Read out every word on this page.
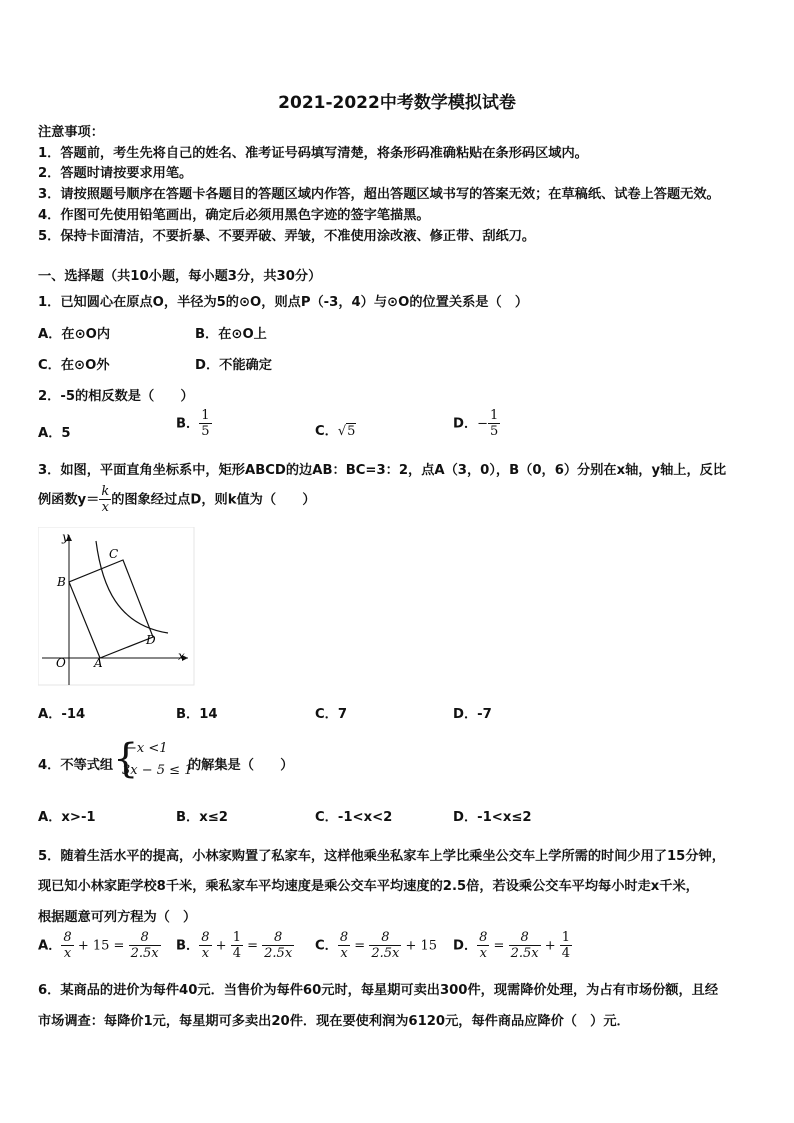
2021-2022中考数学模拟试卷
注意事项：
1．答题前，考生先将自己的姓名、准考证号码填写清楚，将条形码准确粘贴在条形码区域内。
2．答题时请按要求用笔。
3．请按照题号顺序在答题卡各题目的答题区域内作答，超出答题区域书写的答案无效；在草稿纸、试卷上答题无效。
4．作图可先使用铅笔画出，确定后必须用黑色字迹的签字笔描黑。
5．保持卡面清洁，不要折暴、不要弄破、弄皱，不准使用涂改液、修正带、刮纸刀。
一、选择题（共10小题，每小题3分，共30分）
1．已知圆心在原点O，半径为5的⊙O，则点P（-3，4）与⊙O的位置关系是（　）
A．在⊙O内	B．在⊙O上
C．在⊙O外	D．不能确定
2．-5的相反数是（　　）
A．5
B． $\frac{1}{5}$	C．√5	D．− $\frac{1}{5}$
3．如图，平面直角坐标系中，矩形ABCD的边AB：BC=3：2，点A（3，0），B（0，6）分别在x轴，y轴上，反比
例函数$y= \frac{k}{x}$ 的图象经过点D，则k值为（　　）
y
x
O A
B
C
D
A．-14	B．14	C．7	D．-7
4．不等式组 {
−x <1
3x − 5 ≤ 1
的解集是（　　）
A．x>-1	B．x≤2	C．-1<x<2	D．-1<x≤2
5．随着生活水平的提高，小林家购置了私家车，这样他乘坐私家车上学比乘坐公交车上学所需的时间少用了15分钟，
现已知小林家距学校8千米，乘私家车平均速度是乘公交车平均速度的2.5倍，若设乘公交车平均每小时走x千米，
根据题意可列方程为（　）
A． $\frac{8}{x} + 15 = \frac{8}{2.5x}$ B． $\frac{8}{x} + \frac{1}{4} = \frac{8}{2.5x}$ C． $\frac{8}{x} = \frac{8}{2.5x} + 15$ D． $\frac{8}{x} = \frac{8}{2.5x} + \frac{1}{4}$
6．某商品的进价为每件40元．当售价为每件60元时，每星期可卖出300件，现需降价处理，为占有市场份额，且经
市场调查：每降价1元，每星期可多卖出20件．现在要使利润为6120元，每件商品应降价（　）元．
